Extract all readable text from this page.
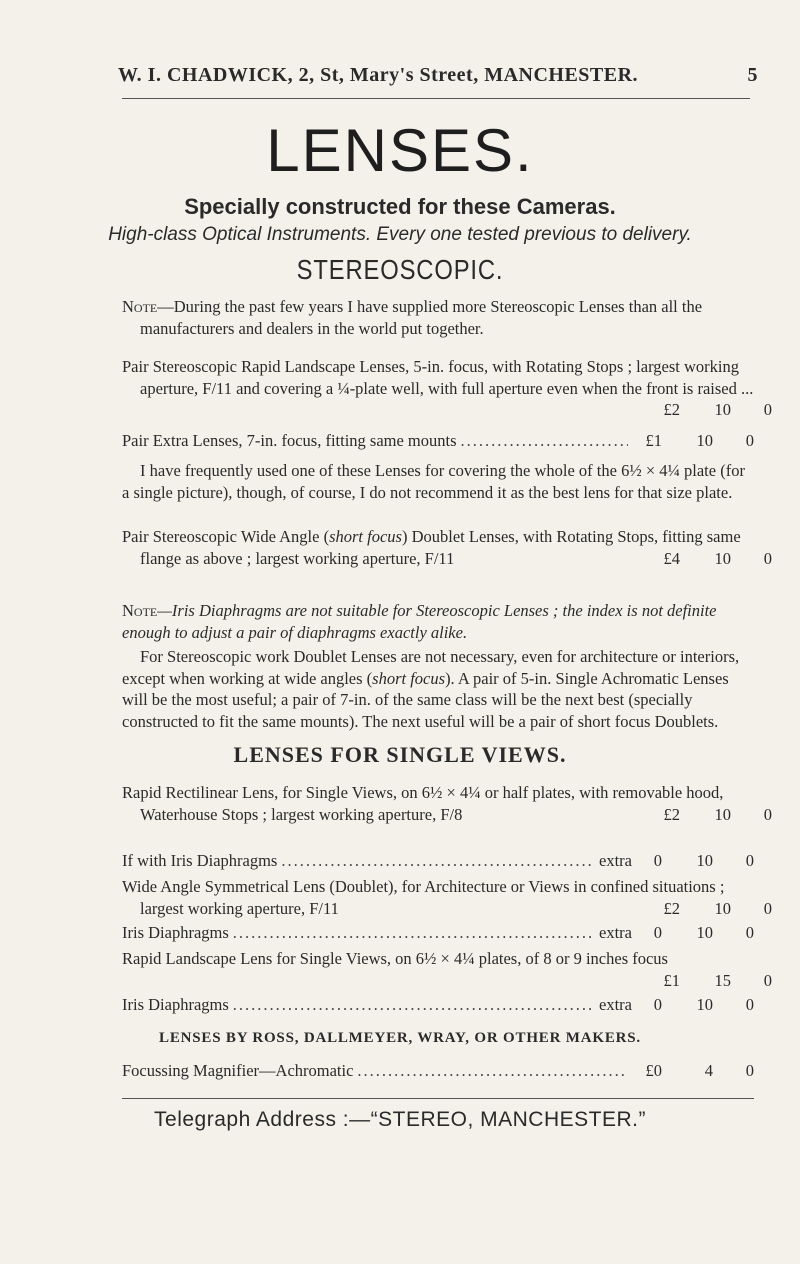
W. I. CHADWICK, 2, St, Mary's Street, MANCHESTER.	5
LENSES.
Specially constructed for these Cameras.
High-class Optical Instruments. Every one tested previous to delivery.
STEREOSCOPIC.
Note—During the past few years I have supplied more Stereoscopic Lenses than all the manufacturers and dealers in the world put together.
Pair Stereoscopic Rapid Landscape Lenses, 5-in. focus, with Rotating Stops ; largest working aperture, F/11 and covering a ¼-plate well, with full aperture even when the front is raised ...
£2	10	0
Pair Extra Lenses, 7-in. focus, fitting same mounts .....	£1	10	0
I have frequently used one of these Lenses for covering the whole of the 6½ × 4¼ plate (for a single picture), though, of course, I do not recommend it as the best lens for that size plate.
Pair Stereoscopic Wide Angle (short focus) Doublet Lenses, with Rotating Stops, fitting same flange as above ; largest working aperture, F/11	£4	10	0
Note—Iris Diaphragms are not suitable for Stereoscopic Lenses ; the index is not definite enough to adjust a pair of diaphragms exactly alike.
For Stereoscopic work Doublet Lenses are not necessary, even for architecture or interiors, except when working at wide angles (short focus). A pair of 5-in. Single Achromatic Lenses will be the most useful; a pair of 7-in. of the same class will be the next best (specially constructed to fit the same mounts). The next useful will be a pair of short focus Doublets.
LENSES FOR SINGLE VIEWS.
Rapid Rectilinear Lens, for Single Views, on 6½ × 4¼ or half plates, with removable hood, Waterhouse Stops ; largest working aperture, F/8	£2	10	0
If with Iris Diaphragms .....	extra	0	10	0
Wide Angle Symmetrical Lens (Doublet), for Architecture or Views in confined situations ; largest working aperture, F/11	£2	10	0
Iris Diaphragms .....	extra	0	10	0
Rapid Landscape Lens for Single Views, on 6½ × 4¼ plates, of 8 or 9 inches focus
£1	15	0
Iris Diaphragms .....	extra	0	10	0
LENSES BY ROSS, DALLMEYER, WRAY, OR OTHER MAKERS.
Focussing Magnifier—Achromatic .....	£0	4	0
Telegraph Address :—“STEREO, MANCHESTER.”
